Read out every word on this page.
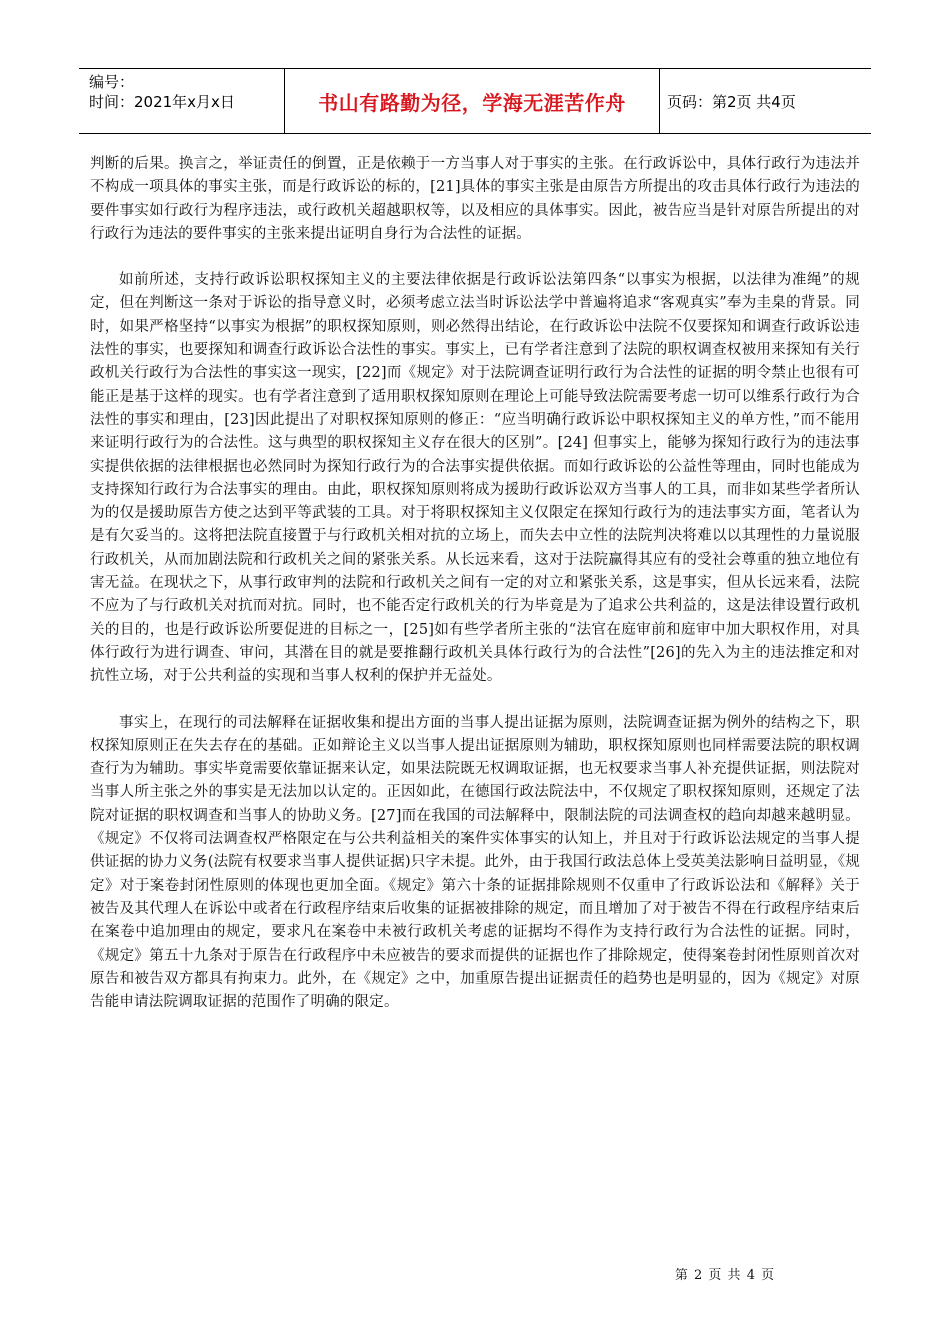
编号：
时间：2021年x月x日	书山有路勤为径，学海无涯苦作舟	页码：第2页 共4页

判断的后果。换言之，举证责任的倒置，正是依赖于一方当事人对于事实的主张。在行政诉讼中，具体行政行为违法并不构成一项具体的事实主张，而是行政诉讼的标的，[21]具体的事实主张是由原告方所提出的攻击具体行政行为违法的要件事实如行政行为程序违法，或行政机关超越职权等，以及相应的具体事实。因此，被告应当是针对原告所提出的对行政行为违法的要件事实的主张来提出证明自身行为合法性的证据。

如前所述，支持行政诉讼职权探知主义的主要法律依据是行政诉讼法第四条“以事实为根据，以法律为准绳”的规定，但在判断这一条对于诉讼的指导意义时，必须考虑立法当时诉讼法学中普遍将追求“客观真实”奉为圭臬的背景。同时，如果严格坚持“以事实为根据”的职权探知原则，则必然得出结论，在行政诉讼中法院不仅要探知和调查行政诉讼违法性的事实，也要探知和调查行政诉讼合法性的事实。事实上，已有学者注意到了法院的职权调查权被用来探知有关行政机关行政行为合法性的事实这一现实，[22]而《规定》对于法院调查证明行政行为合法性的证据的明令禁止也很有可能正是基于这样的现实。也有学者注意到了适用职权探知原则在理论上可能导致法院需要考虑一切可以维系行政行为合法性的事实和理由，[23]因此提出了对职权探知原则的修正：“应当明确行政诉讼中职权探知主义的单方性，”而不能用来证明行政行为的合法性。这与典型的职权探知主义存在很大的区别”。[24] 但事实上，能够为探知行政行为的违法事实提供依据的法律根据也必然同时为探知行政行为的合法事实提供依据。而如行政诉讼的公益性等理由，同时也能成为支持探知行政行为合法事实的理由。由此，职权探知原则将成为援助行政诉讼双方当事人的工具，而非如某些学者所认为的仅是援助原告方使之达到平等武装的工具。对于将职权探知主义仅限定在探知行政行为的违法事实方面，笔者认为是有欠妥当的。这将把法院直接置于与行政机关相对抗的立场上，而失去中立性的法院判决将难以以其理性的力量说服行政机关，从而加剧法院和行政机关之间的紧张关系。从长远来看，这对于法院赢得其应有的受社会尊重的独立地位有害无益。在现状之下，从事行政审判的法院和行政机关之间有一定的对立和紧张关系，这是事实，但从长远来看，法院不应为了与行政机关对抗而对抗。同时，也不能否定行政机关的行为毕竟是为了追求公共利益的，这是法律设置行政机关的目的，也是行政诉讼所要促进的目标之一，[25]如有些学者所主张的“法官在庭审前和庭审中加大职权作用，对具体行政行为进行调查、审问，其潜在目的就是要推翻行政机关具体行政行为的合法性”[26]的先入为主的违法推定和对抗性立场，对于公共利益的实现和当事人权利的保护并无益处。

事实上，在现行的司法解释在证据收集和提出方面的当事人提出证据为原则，法院调查证据为例外的结构之下，职权探知原则正在失去存在的基础。正如辩论主义以当事人提出证据原则为辅助，职权探知原则也同样需要法院的职权调查行为为辅助。事实毕竟需要依靠证据来认定，如果法院既无权调取证据，也无权要求当事人补充提供证据，则法院对当事人所主张之外的事实是无法加以认定的。正因如此，在德国行政法院法中，不仅规定了职权探知原则，还规定了法院对证据的职权调查和当事人的协助义务。[27]而在我国的司法解释中，限制法院的司法调查权的趋向却越来越明显。《规定》不仅将司法调查权严格限定在与公共利益相关的案件实体事实的认知上，并且对于行政诉讼法规定的当事人提供证据的协力义务(法院有权要求当事人提供证据)只字未提。此外，由于我国行政法总体上受英美法影响日益明显，《规定》对于案卷封闭性原则的体现也更加全面。《规定》第六十条的证据排除规则不仅重申了行政诉讼法和《解释》关于被告及其代理人在诉讼中或者在行政程序结束后收集的证据被排除的规定，而且增加了对于被告不得在行政程序结束后在案卷中追加理由的规定，要求凡在案卷中未被行政机关考虑的证据均不得作为支持行政行为合法性的证据。同时，《规定》第五十九条对于原告在行政程序中未应被告的要求而提供的证据也作了排除规定，使得案卷封闭性原则首次对原告和被告双方都具有拘束力。此外，在《规定》之中，加重原告提出证据责任的趋势也是明显的，因为《规定》对原告能申请法院调取证据的范围作了明确的限定。

第 2 页 共 4 页
